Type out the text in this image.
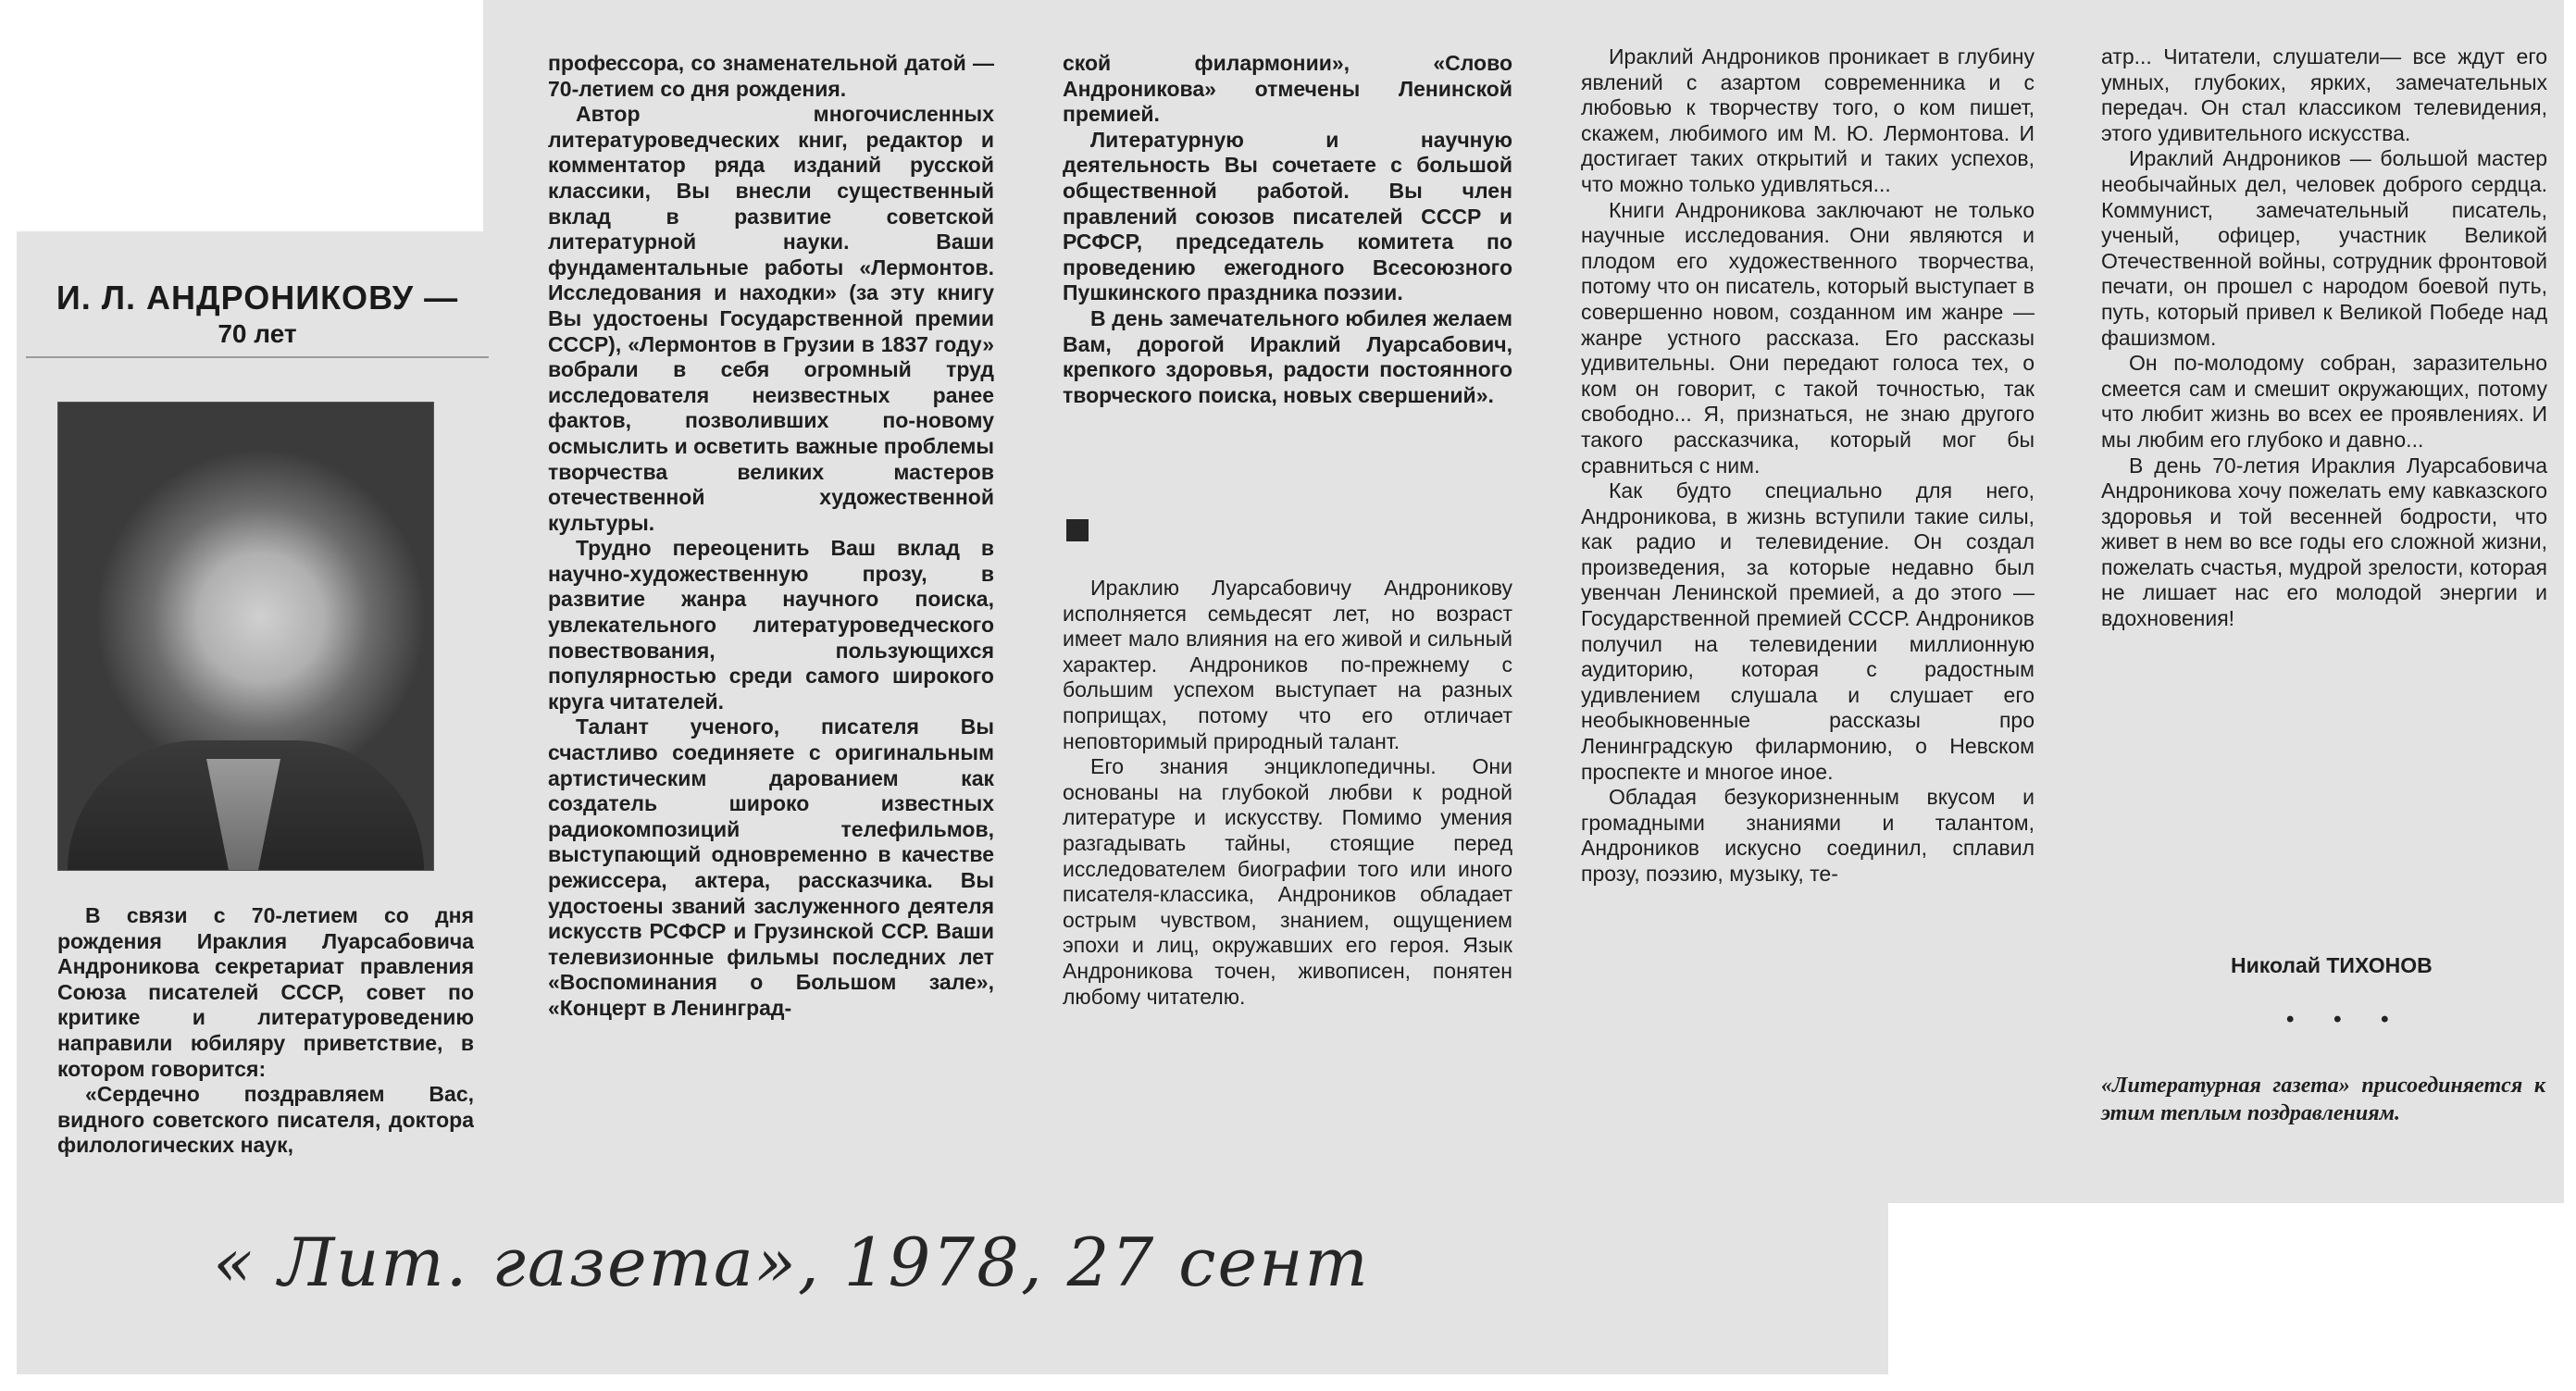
И. Л. АНДРОНИКОВУ —
70 лет

В связи с 70-летием со дня рождения Ираклия Луарсабовича Андроникова секретариат правления Союза писателей СССР, совет по критике и литературоведению направили юбиляру приветствие, в котором говорится:

«Сердечно поздравляем Вас, видного советского писателя, доктора филологических наук,

профессора, со знаменательной датой — 70-летием со дня рождения.

Автор многочисленных литературоведческих книг, редактор и комментатор ряда изданий русской классики, Вы внесли существенный вклад в развитие советской литературной науки. Ваши фундаментальные работы «Лермонтов. Исследования и находки» (за эту книгу Вы удостоены Государственной премии СССР), «Лермонтов в Грузии в 1837 году» вобрали в себя огромный труд исследователя неизвестных ранее фактов, позволивших по-новому осмыслить и осветить важные проблемы творчества великих мастеров отечественной художественной культуры.

Трудно переоценить Ваш вклад в научно-художественную прозу, в развитие жанра научного поиска, увлекательного литературоведческого повествования, пользующихся популярностью среди самого широкого круга читателей.

Талант ученого, писателя Вы счастливо соединяете с оригинальным артистическим дарованием как создатель широко известных радиокомпозиций телефильмов, выступающий одновременно в качестве режиссера, актера, рассказчика. Вы удостоены званий заслуженного деятеля искусств РСФСР и Грузинской ССР. Ваши телевизионные фильмы последних лет «Воспоминания о Большом зале», «Концерт в Ленинград-

ской филармонии», «Слово Андроникова» отмечены Ленинской премией.

Литературную и научную деятельность Вы сочетаете с большой общественной работой. Вы член правлений союзов писателей СССР и РСФСР, председатель комитета по проведению ежегодного Всесоюзного Пушкинского праздника поэзии.

В день замечательного юбилея желаем Вам, дорогой Ираклий Луарсабович, крепкого здоровья, радости постоянного творческого поиска, новых свершений».

Ираклию Луарсабовичу Андроникову исполняется семьдесят лет, но возраст имеет мало влияния на его живой и сильный характер. Андроников по-прежнему с большим успехом выступает на разных поприщах, потому что его отличает неповторимый природный талант.

Его знания энциклопедичны. Они основаны на глубокой любви к родной литературе и искусству. Помимо умения разгадывать тайны, стоящие перед исследователем биографии того или иного писателя-классика, Андроников обладает острым чувством, знанием, ощущением эпохи и лиц, окружавших его героя. Язык Андроникова точен, живописен, понятен любому читателю.

Ираклий Андроников проникает в глубину явлений с азартом современника и с любовью к творчеству того, о ком пишет, скажем, любимого им М. Ю. Лермонтова. И достигает таких открытий и таких успехов, что можно только удивляться...

Книги Андроникова заключают не только научные исследования. Они являются и плодом его художественного творчества, потому что он писатель, который выступает в совершенно новом, созданном им жанре — жанре устного рассказа. Его рассказы удивительны. Они передают голоса тех, о ком он говорит, с такой точностью, так свободно... Я, признаться, не знаю другого такого рассказчика, который мог бы сравниться с ним.

Как будто специально для него, Андроникова, в жизнь вступили такие силы, как радио и телевидение. Он создал произведения, за которые недавно был увенчан Ленинской премией, а до этого — Государственной премией СССР. Андроников получил на телевидении миллионную аудиторию, которая с радостным удивлением слушала и слушает его необыкновенные рассказы про Ленинградскую филармонию, о Невском проспекте и многое иное.

Обладая безукоризненным вкусом и громадными знаниями и талантом, Андроников искусно соединил, сплавил прозу, поэзию, музыку, те-

атр... Читатели, слушатели— все ждут его умных, глубоких, ярких, замечательных передач. Он стал классиком телевидения, этого удивительного искусства.

Ираклий Андроников — большой мастер необычайных дел, человек доброго сердца. Коммунист, замечательный писатель, ученый, офицер, участник Великой Отечественной войны, сотрудник фронтовой печати, он прошел с народом боевой путь, путь, который привел к Великой Победе над фашизмом.

Он по-молодому собран, заразительно смеется сам и смешит окружающих, потому что любит жизнь во всех ее проявлениях. И мы любим его глубоко и давно...

В день 70-летия Ираклия Луарсабовича Андроникова хочу пожелать ему кавказского здоровья и той весенней бодрости, что живет в нем во все годы его сложной жизни, пожелать счастья, мудрой зрелости, которая не лишает нас его молодой энергии и вдохновения!

Николай ТИХОНОВ
• • •
«Литературная газета» присоединяется к этим теплым поздравлениям.
« Лит. газета», 1978, 27 сент
